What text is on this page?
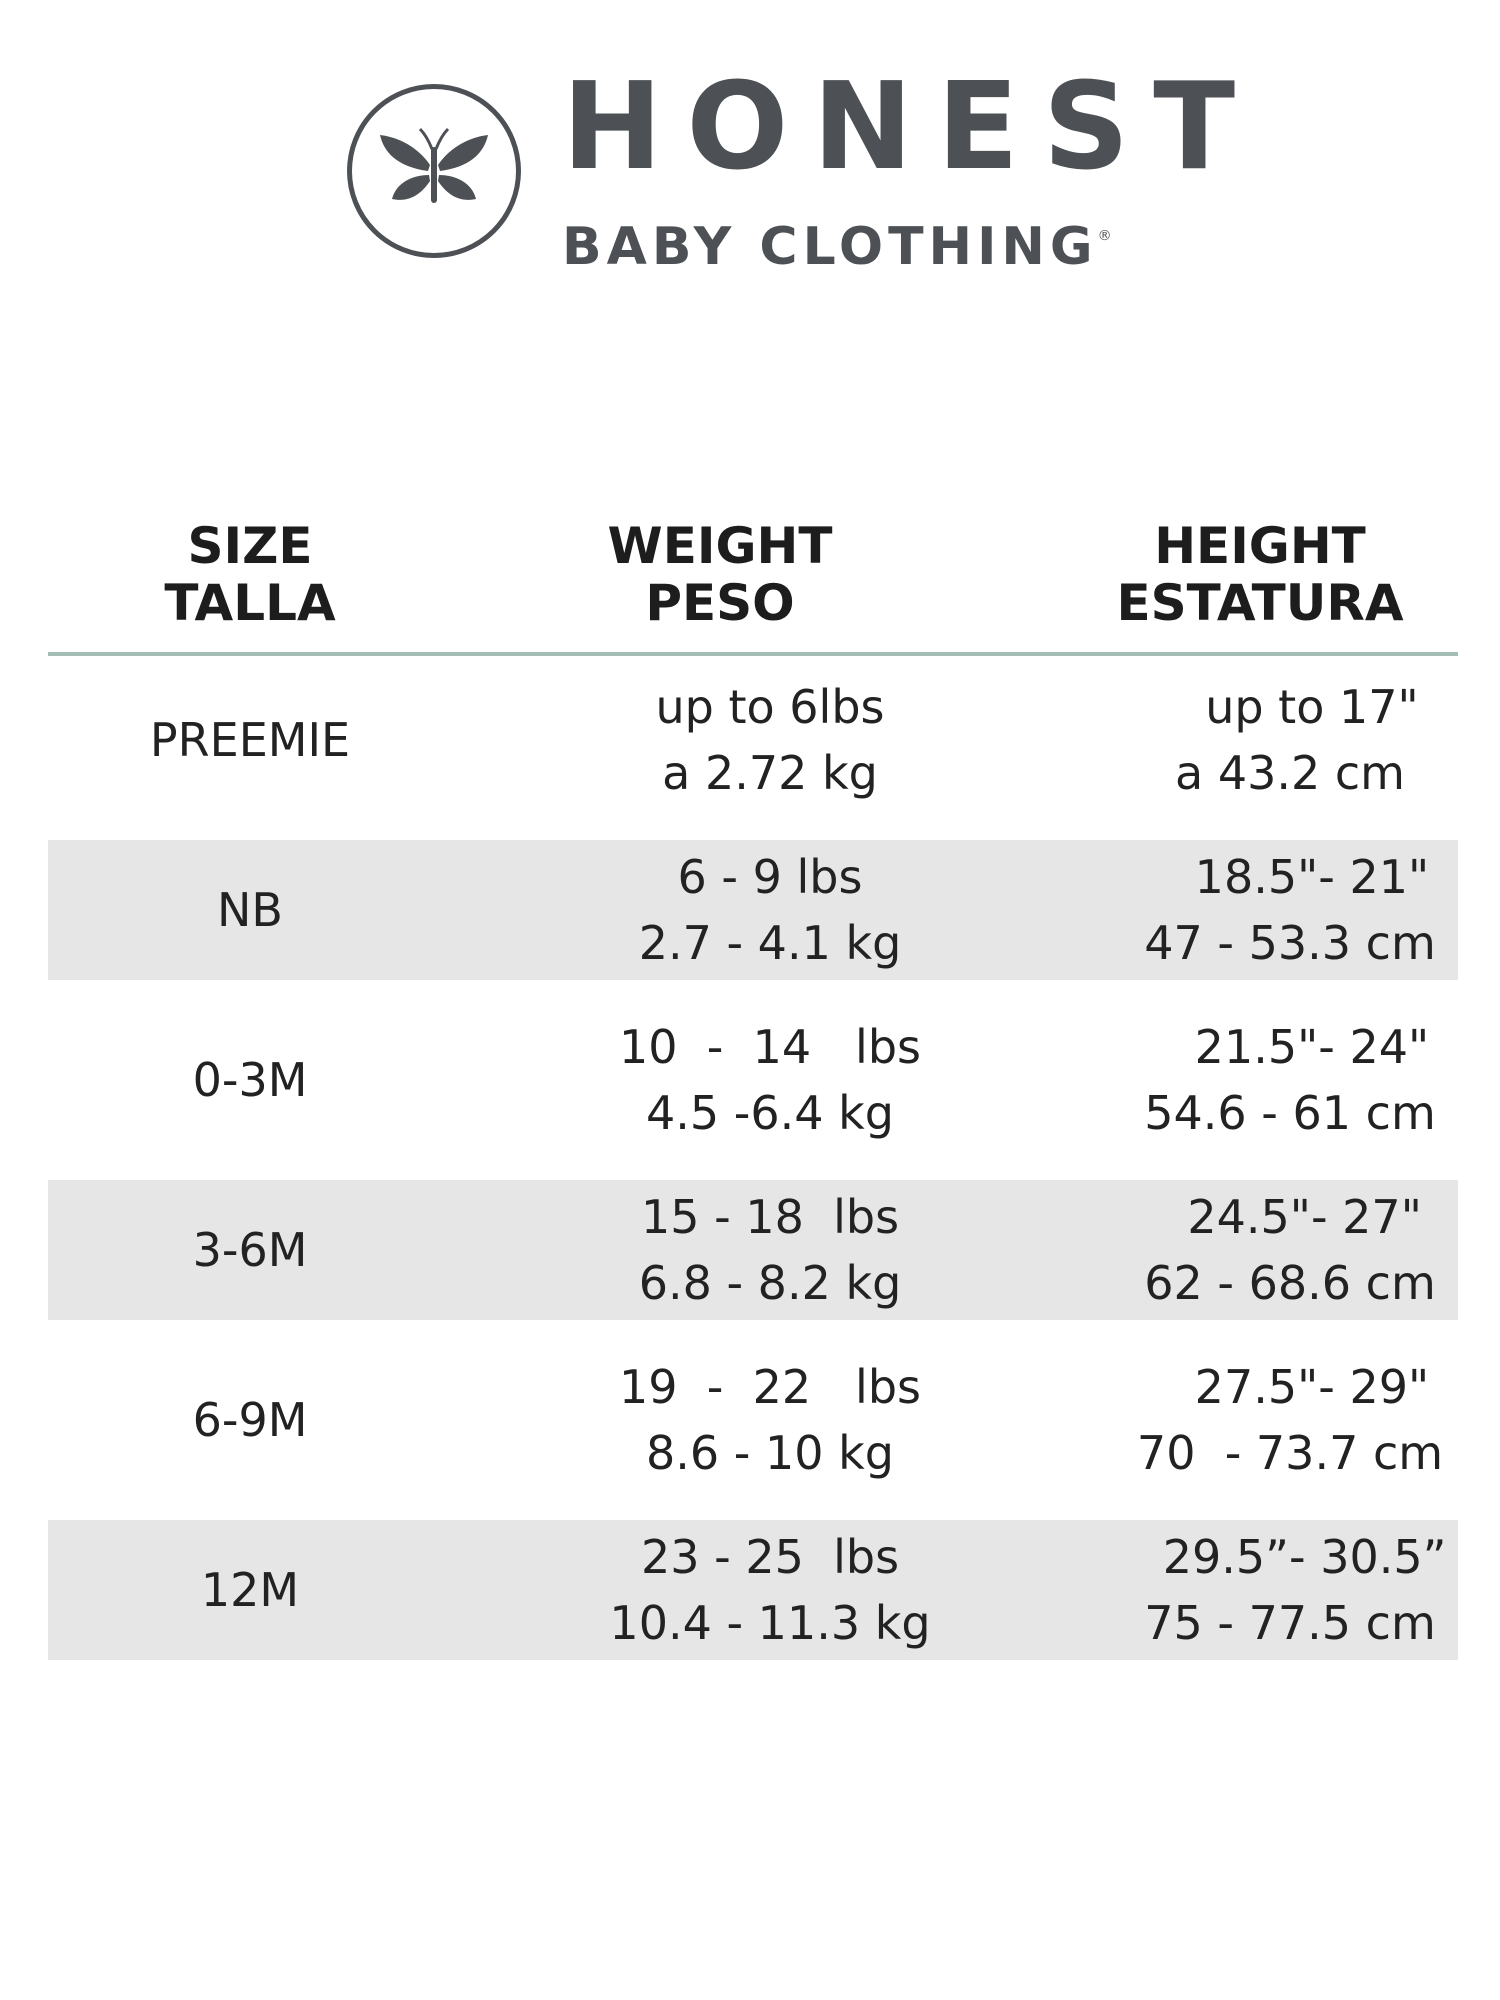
HONEST
BABY CLOTHING®
SIZE
TALLA
WEIGHT
PESO
HEIGHT
ESTATURA
PREEMIE
up to 6lbs
a 2.72 kg
up to 17"
a 43.2 cm
NB
6 - 9 lbs
2.7 - 4.1 kg
18.5"- 21"
47 - 53.3 cm
0-3M
10  -  14   lbs
4.5 -6.4 kg
21.5"- 24"
54.6 - 61 cm
3-6M
15 - 18  lbs
6.8 - 8.2 kg
24.5"- 27"
62 - 68.6 cm
6-9M
19  -  22   lbs
8.6 - 10 kg
27.5"- 29"
70  - 73.7 cm
12M
23 - 25  lbs
10.4 - 11.3 kg
29.5”- 30.5”
75 - 77.5 cm
